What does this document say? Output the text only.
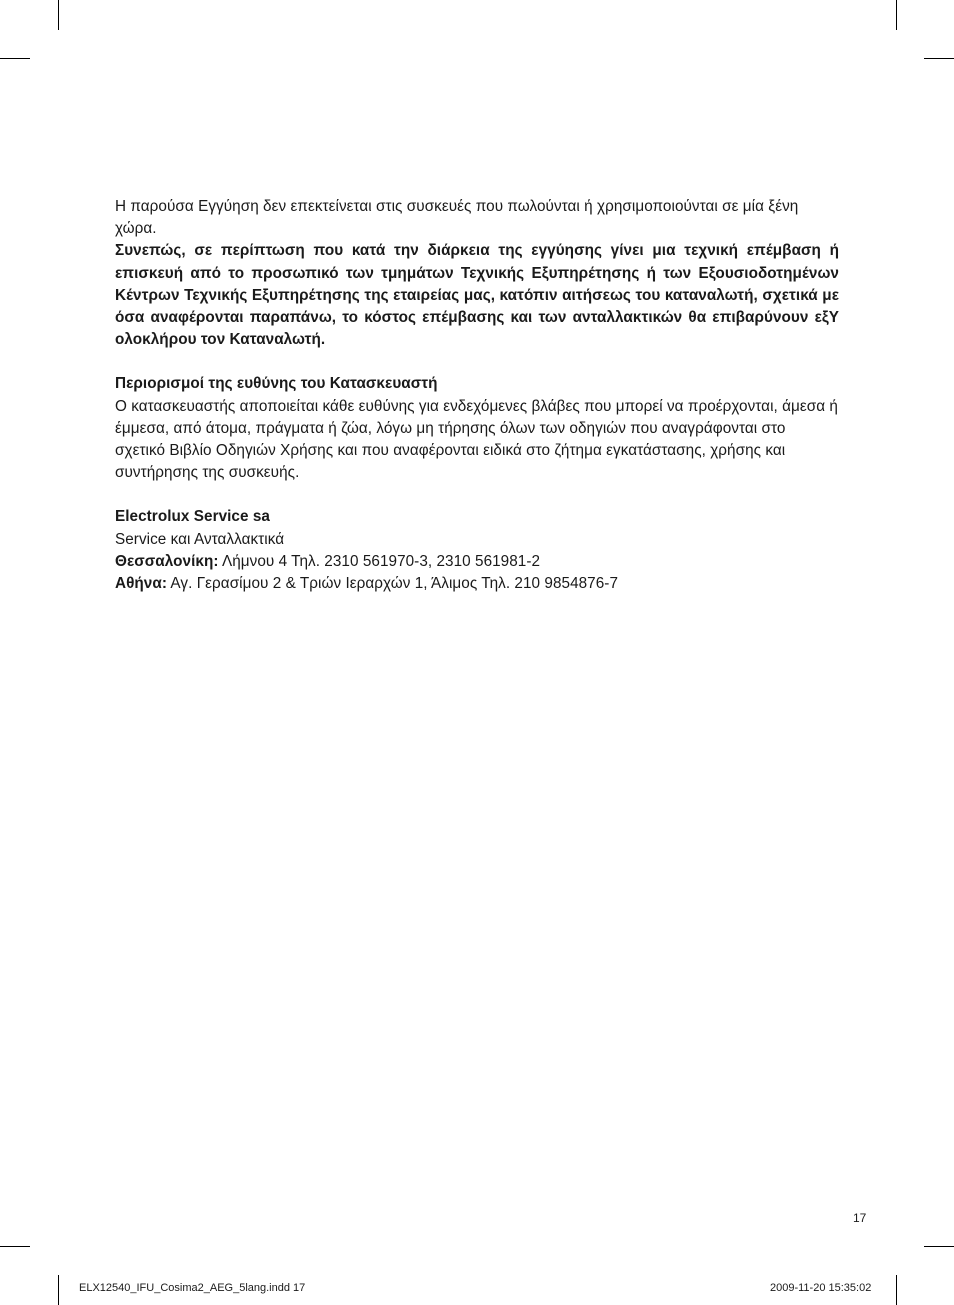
Η παρούσα Εγγύηση δεν επεκτείνεται στις συσκευές που πωλούνται ή χρησιμοποιούνται σε μία ξένη χώρα.

Συνεπώς, σε περίπτωση που κατά την διάρκεια της εγγύησης γίνει μια τεχνική επέμβαση ή επισκευή από το προσωπικό των τμημάτων Τεχνικής Εξυπηρέτησης ή των Εξουσιοδοτημένων Κέντρων Τεχνικής Εξυπηρέτησης της εταιρείας μας, κατόπιν αιτήσεως του καταναλωτή, σχετικά με όσα αναφέρονται παραπάνω, το κόστος επέμβασης και των ανταλλακτικών θα επιβαρύνουν εξΥ ολοκλήρου τον Καταναλωτή.

Περιορισμοί της ευθύνης του Κατασκευαστή

Ο κατασκευαστής αποποιείται κάθε ευθύνης για ενδεχόμενες βλάβες που μπορεί να προέρχονται, άμεσα ή έμμεσα, από άτομα, πράγματα ή ζώα, λόγω μη τήρησης όλων των οδηγιών που αναγράφονται στο σχετικό Βιβλίο Οδηγιών Χρήσης και που αναφέρονται ειδικά στο ζήτημα εγκατάστασης, χρήσης και συντήρησης της συσκευής.

Electrolux Service sa

Service και Ανταλλακτικά

Θεσσαλονίκη: Λήμνου 4 Τηλ. 2310 561970-3, 2310 561981-2

Αθήνα: Αγ. Γερασίμου 2 & Τριών Ιεραρχών 1, Άλιμος Τηλ. 210 9854876-7

17
ELX12540_IFU_Cosima2_AEG_5lang.indd 17	2009-11-20 15:35:02
